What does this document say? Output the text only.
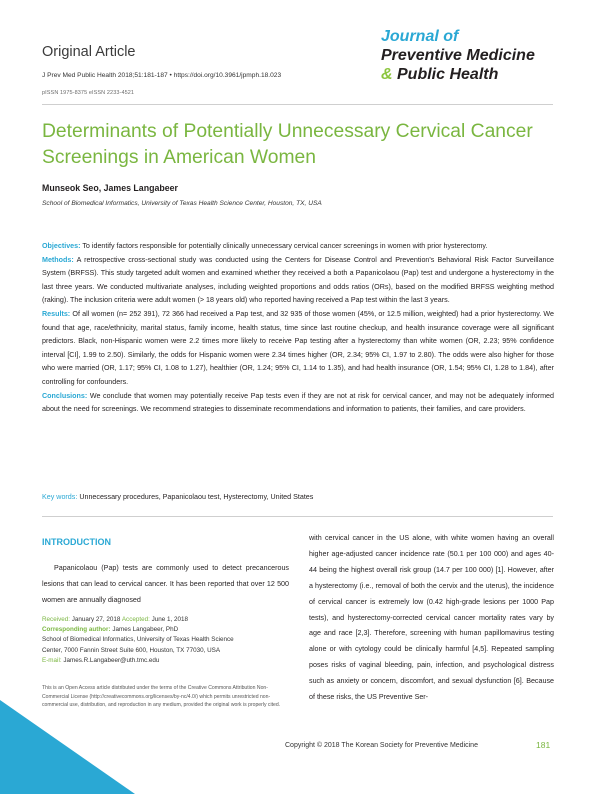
Original Article
J Prev Med Public Health 2018;51:181-187 • https://doi.org/10.3961/jpmph.18.023
pISSN 1975-8375 eISSN 2233-4521
Journal of
Preventive Medicine
& Public Health
Determinants of Potentially Unnecessary Cervical Cancer Screenings in American Women
Munseok Seo, James Langabeer
School of Biomedical Informatics, University of Texas Health Science Center, Houston, TX, USA

Objectives: To identify factors responsible for potentially clinically unnecessary cervical cancer screenings in women with prior hysterectomy.

Methods: A retrospective cross-sectional study was conducted using the Centers for Disease Control and Prevention's Behavioral Risk Factor Surveillance System (BRFSS). This study targeted adult women and examined whether they received a both a Papanicolaou (Pap) test and undergone a hysterectomy in the last three years. We conducted multivariate analyses, including weighted proportions and odds ratios (ORs), based on the modified BRFSS weighting method (raking). The inclusion criteria were adult women (> 18 years old) who reported having received a Pap test within the last 3 years.

Results: Of all women (n= 252 391), 72 366 had received a Pap test, and 32 935 of those women (45%, or 12.5 million, weighted) had a prior hysterectomy. We found that age, race/ethnicity, marital status, family income, health status, time since last routine checkup, and health insurance coverage were all significant predictors. Black, non-Hispanic women were 2.2 times more likely to receive Pap testing after a hysterectomy than white women (OR, 2.23; 95% confidence interval [CI], 1.99 to 2.50). Similarly, the odds for Hispanic women were 2.34 times higher (OR, 2.34; 95% CI, 1.97 to 2.80). The odds were also higher for those who were married (OR, 1.17; 95% CI, 1.08 to 1.27), healthier (OR, 1.24; 95% CI, 1.14 to 1.35), and had health insurance (OR, 1.54; 95% CI, 1.28 to 1.84), after controlling for confounders.

Conclusions: We conclude that women may potentially receive Pap tests even if they are not at risk for cervical cancer, and may not be adequately informed about the need for screenings. We recommend strategies to disseminate recommendations and information to patients, their families, and care providers.

Key words: Unnecessary procedures, Papanicolaou test, Hysterectomy, United States
INTRODUCTION
Papanicolaou (Pap) tests are commonly used to detect precancerous lesions that can lead to cervical cancer. It has been reported that over 12 500 women are annually diagnosed
with cervical cancer in the US alone, with white women having an overall higher age-adjusted cancer incidence rate (50.1 per 100 000) and ages 40-44 being the highest overall risk group (14.7 per 100 000) [1]. However, after a hysterectomy (i.e., removal of both the cervix and the uterus), the incidence of cervical cancer is extremely low (0.42 high-grade lesions per 1000 Pap tests), and hysterectomy-corrected cervical cancer mortality rates vary by age and race [2,3]. Therefore, screening with human papillomavirus testing alone or with cytology could be clinically harmful [4,5]. Repeated sampling poses risks of vaginal bleeding, pain, infection, and psychological distress such as anxiety or concern, discomfort, and sexual dysfunction [6]. Because of these risks, the US Preventive Ser-
Received: January 27, 2018 Accepted: June 1, 2018
Corresponding author: James Langabeer, PhD
School of Biomedical Informatics, University of Texas Health Science
Center, 7000 Fannin Street Suite 600, Houston, TX 77030, USA
E-mail: James.R.Langabeer@uth.tmc.edu
This is an Open Access article distributed under the terms of the Creative Commons Attribution Non-Commercial License (http://creativecommons.org/licenses/by-nc/4.0/) which permits unrestricted non-commercial use, distribution, and reproduction in any medium, provided the original work is properly cited.
Copyright © 2018 The Korean Society for Preventive Medicine	181
